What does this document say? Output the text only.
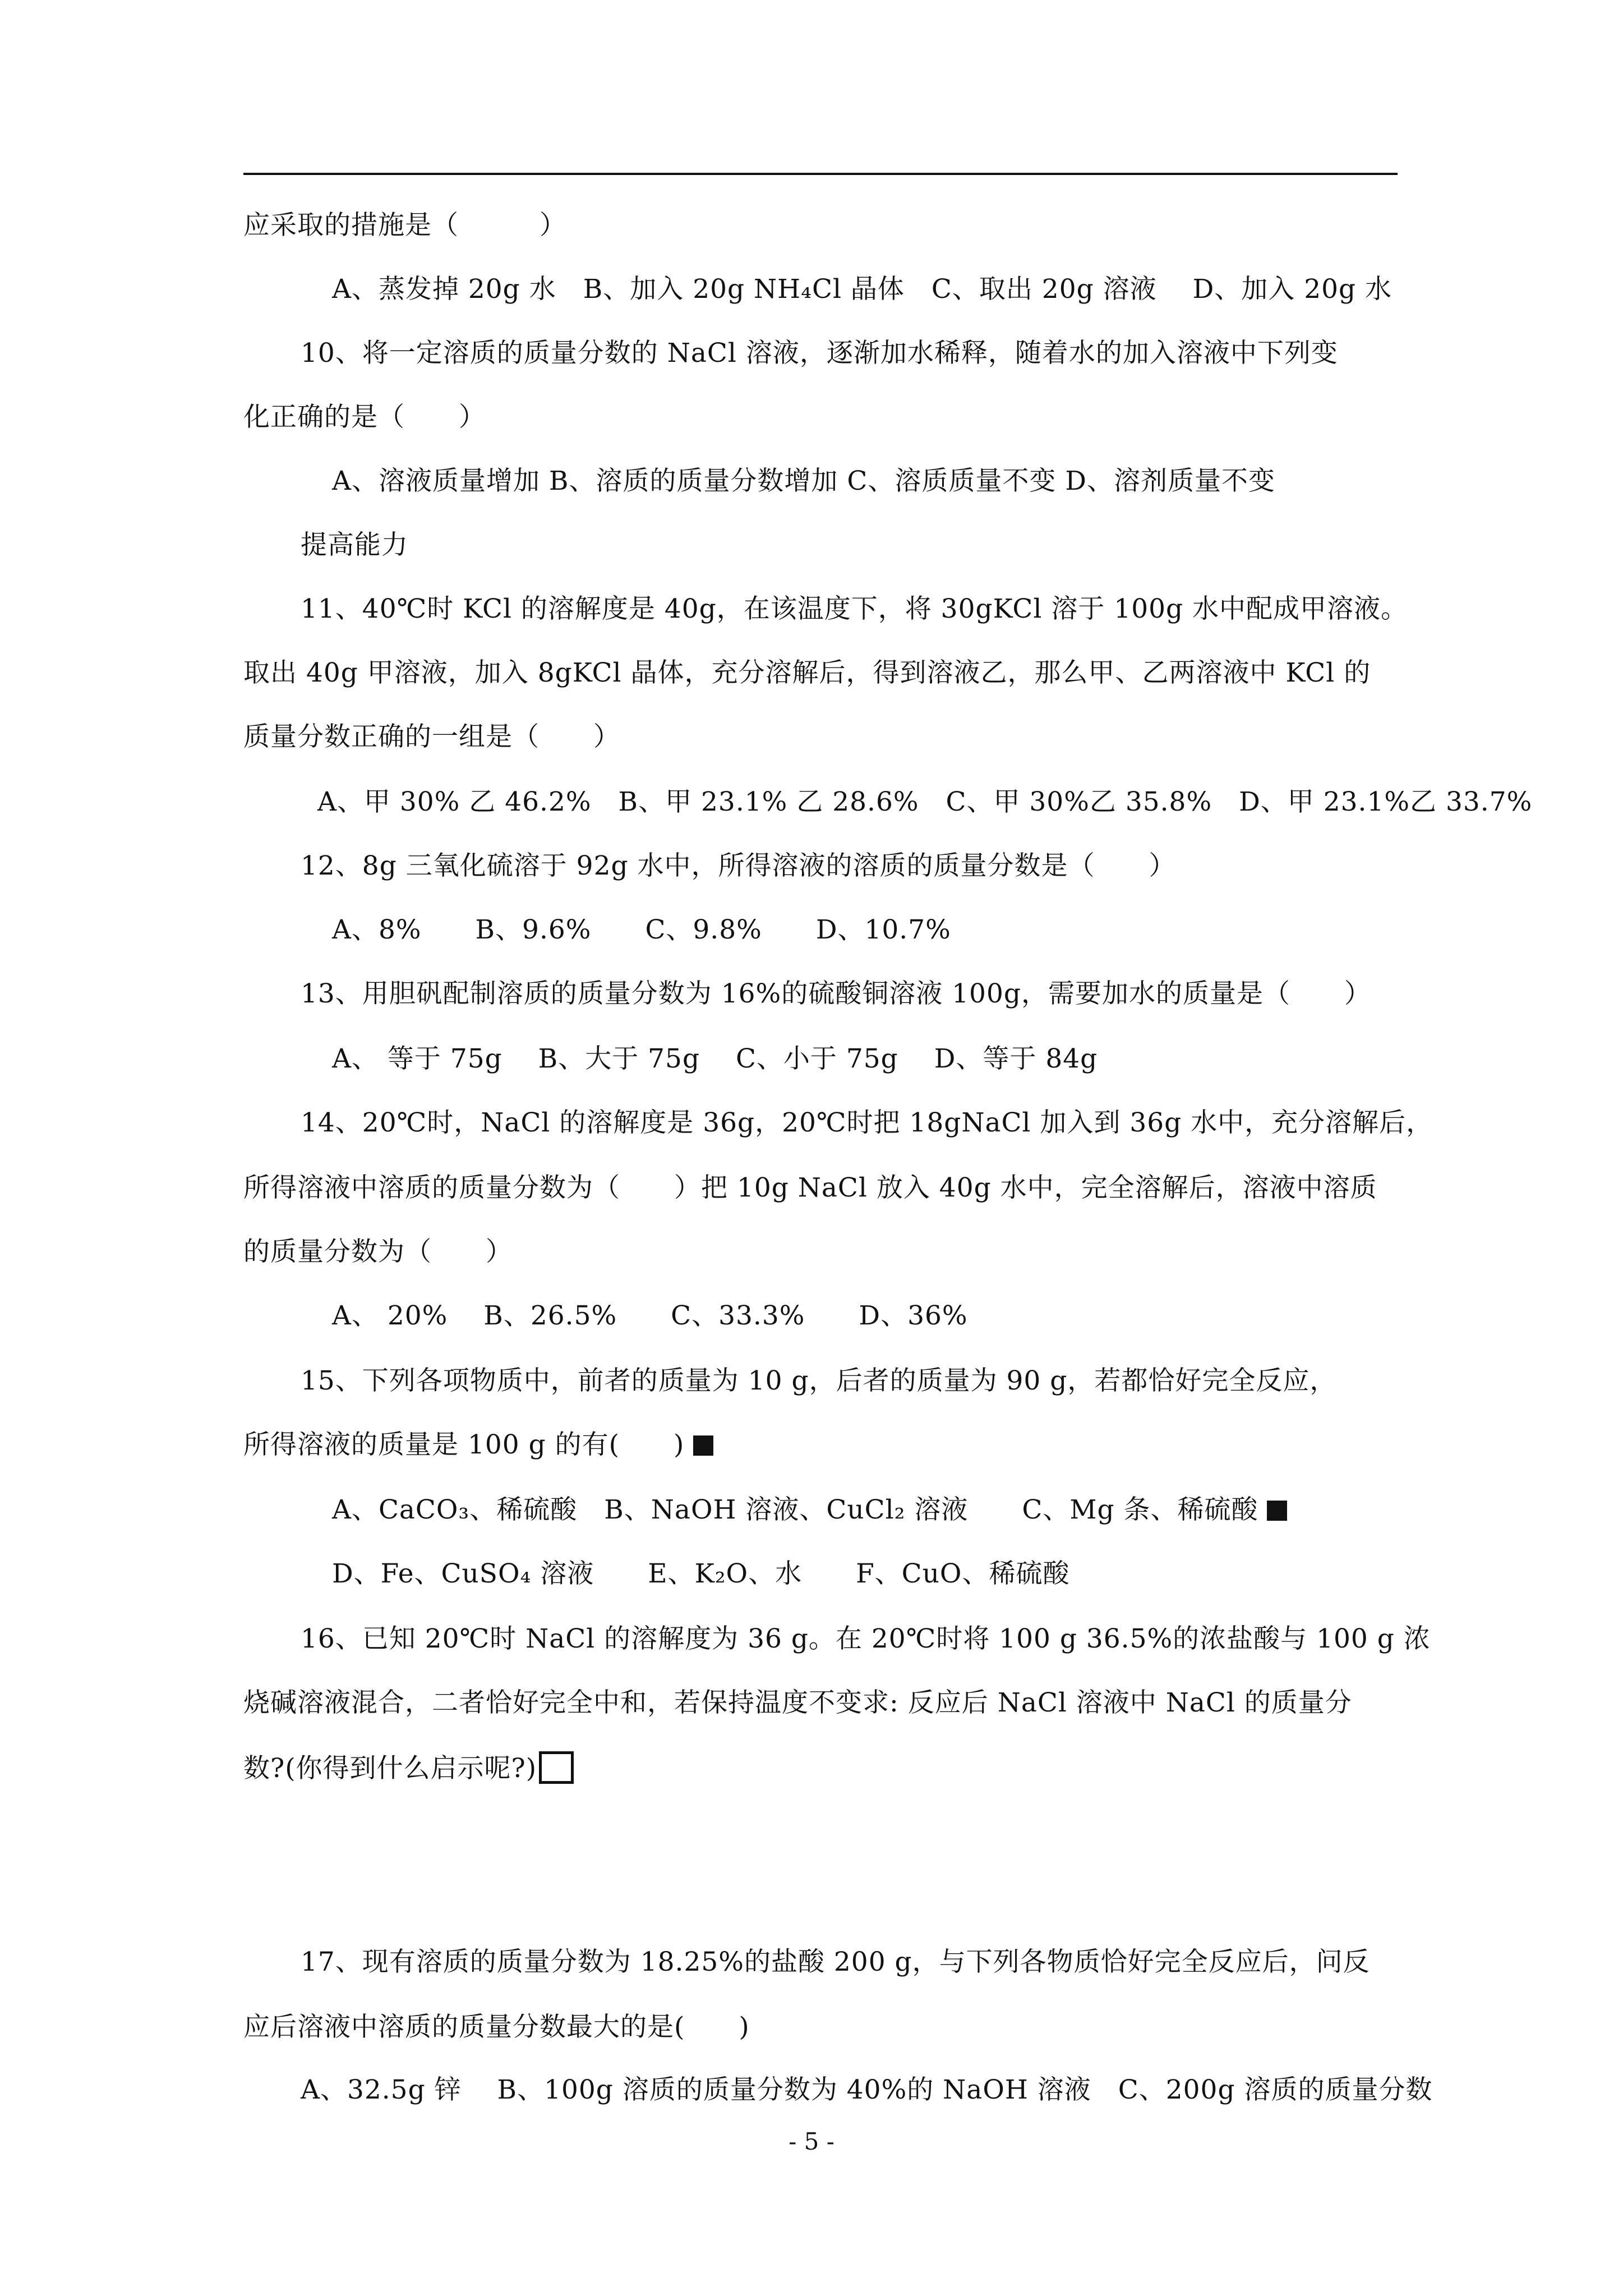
应采取的措施是（　　　）
A、蒸发掉 20g 水　B、加入 20g NH₄Cl 晶体　C、取出 20g 溶液　 D、加入 20g 水
10、将一定溶质的质量分数的 NaCl 溶液，逐渐加水稀释，随着水的加入溶液中下列变
化正确的是（　　）
A、溶液质量增加 B、溶质的质量分数增加 C、溶质质量不变 D、溶剂质量不变
提高能力
11、40℃时 KCl 的溶解度是 40g，在该温度下，将 30gKCl 溶于 100g 水中配成甲溶液。
取出 40g 甲溶液，加入 8gKCl 晶体，充分溶解后，得到溶液乙，那么甲、乙两溶液中 KCl 的
质量分数正确的一组是（　　）
A、甲 30% 乙 46.2%　B、甲 23.1% 乙 28.6%　C、甲 30%乙 35.8%　D、甲 23.1%乙 33.7%
12、8g 三氧化硫溶于 92g 水中，所得溶液的溶质的质量分数是（　　）
A、8%　　B、9.6%　　C、9.8%　　D、10.7%
13、用胆矾配制溶质的质量分数为 16%的硫酸铜溶液 100g，需要加水的质量是（　　）
A、 等于 75g　 B、大于 75g　 C、小于 75g　 D、等于 84g
14、20℃时，NaCl 的溶解度是 36g，20℃时把 18gNaCl 加入到 36g 水中，充分溶解后，
所得溶液中溶质的质量分数为（　　）把 10g NaCl 放入 40g 水中，完全溶解后，溶液中溶质
的质量分数为（　　）
A、 20%　 B、26.5%　　C、33.3%　　D、36%
15、下列各项物质中，前者的质量为 10 g，后者的质量为 90 g，若都恰好完全反应，
所得溶液的质量是 100 g 的有(　　)
A、CaCO₃、稀硫酸　B、NaOH 溶液、CuCl₂ 溶液　　C、Mg 条、稀硫酸
D、Fe、CuSO₄ 溶液　　E、K₂O、水　　F、CuO、稀硫酸
16、已知 20℃时 NaCl 的溶解度为 36 g。在 20℃时将 100 g 36.5%的浓盐酸与 100 g 浓
烧碱溶液混合，二者恰好完全中和，若保持温度不变求: 反应后 NaCl 溶液中 NaCl 的质量分
数?(你得到什么启示呢?)
17、现有溶质的质量分数为 18.25%的盐酸 200 g，与下列各物质恰好完全反应后，问反
应后溶液中溶质的质量分数最大的是(　　)
A、32.5g 锌　 B、100g 溶质的质量分数为 40%的 NaOH 溶液　C、200g 溶质的质量分数
- 5 -
